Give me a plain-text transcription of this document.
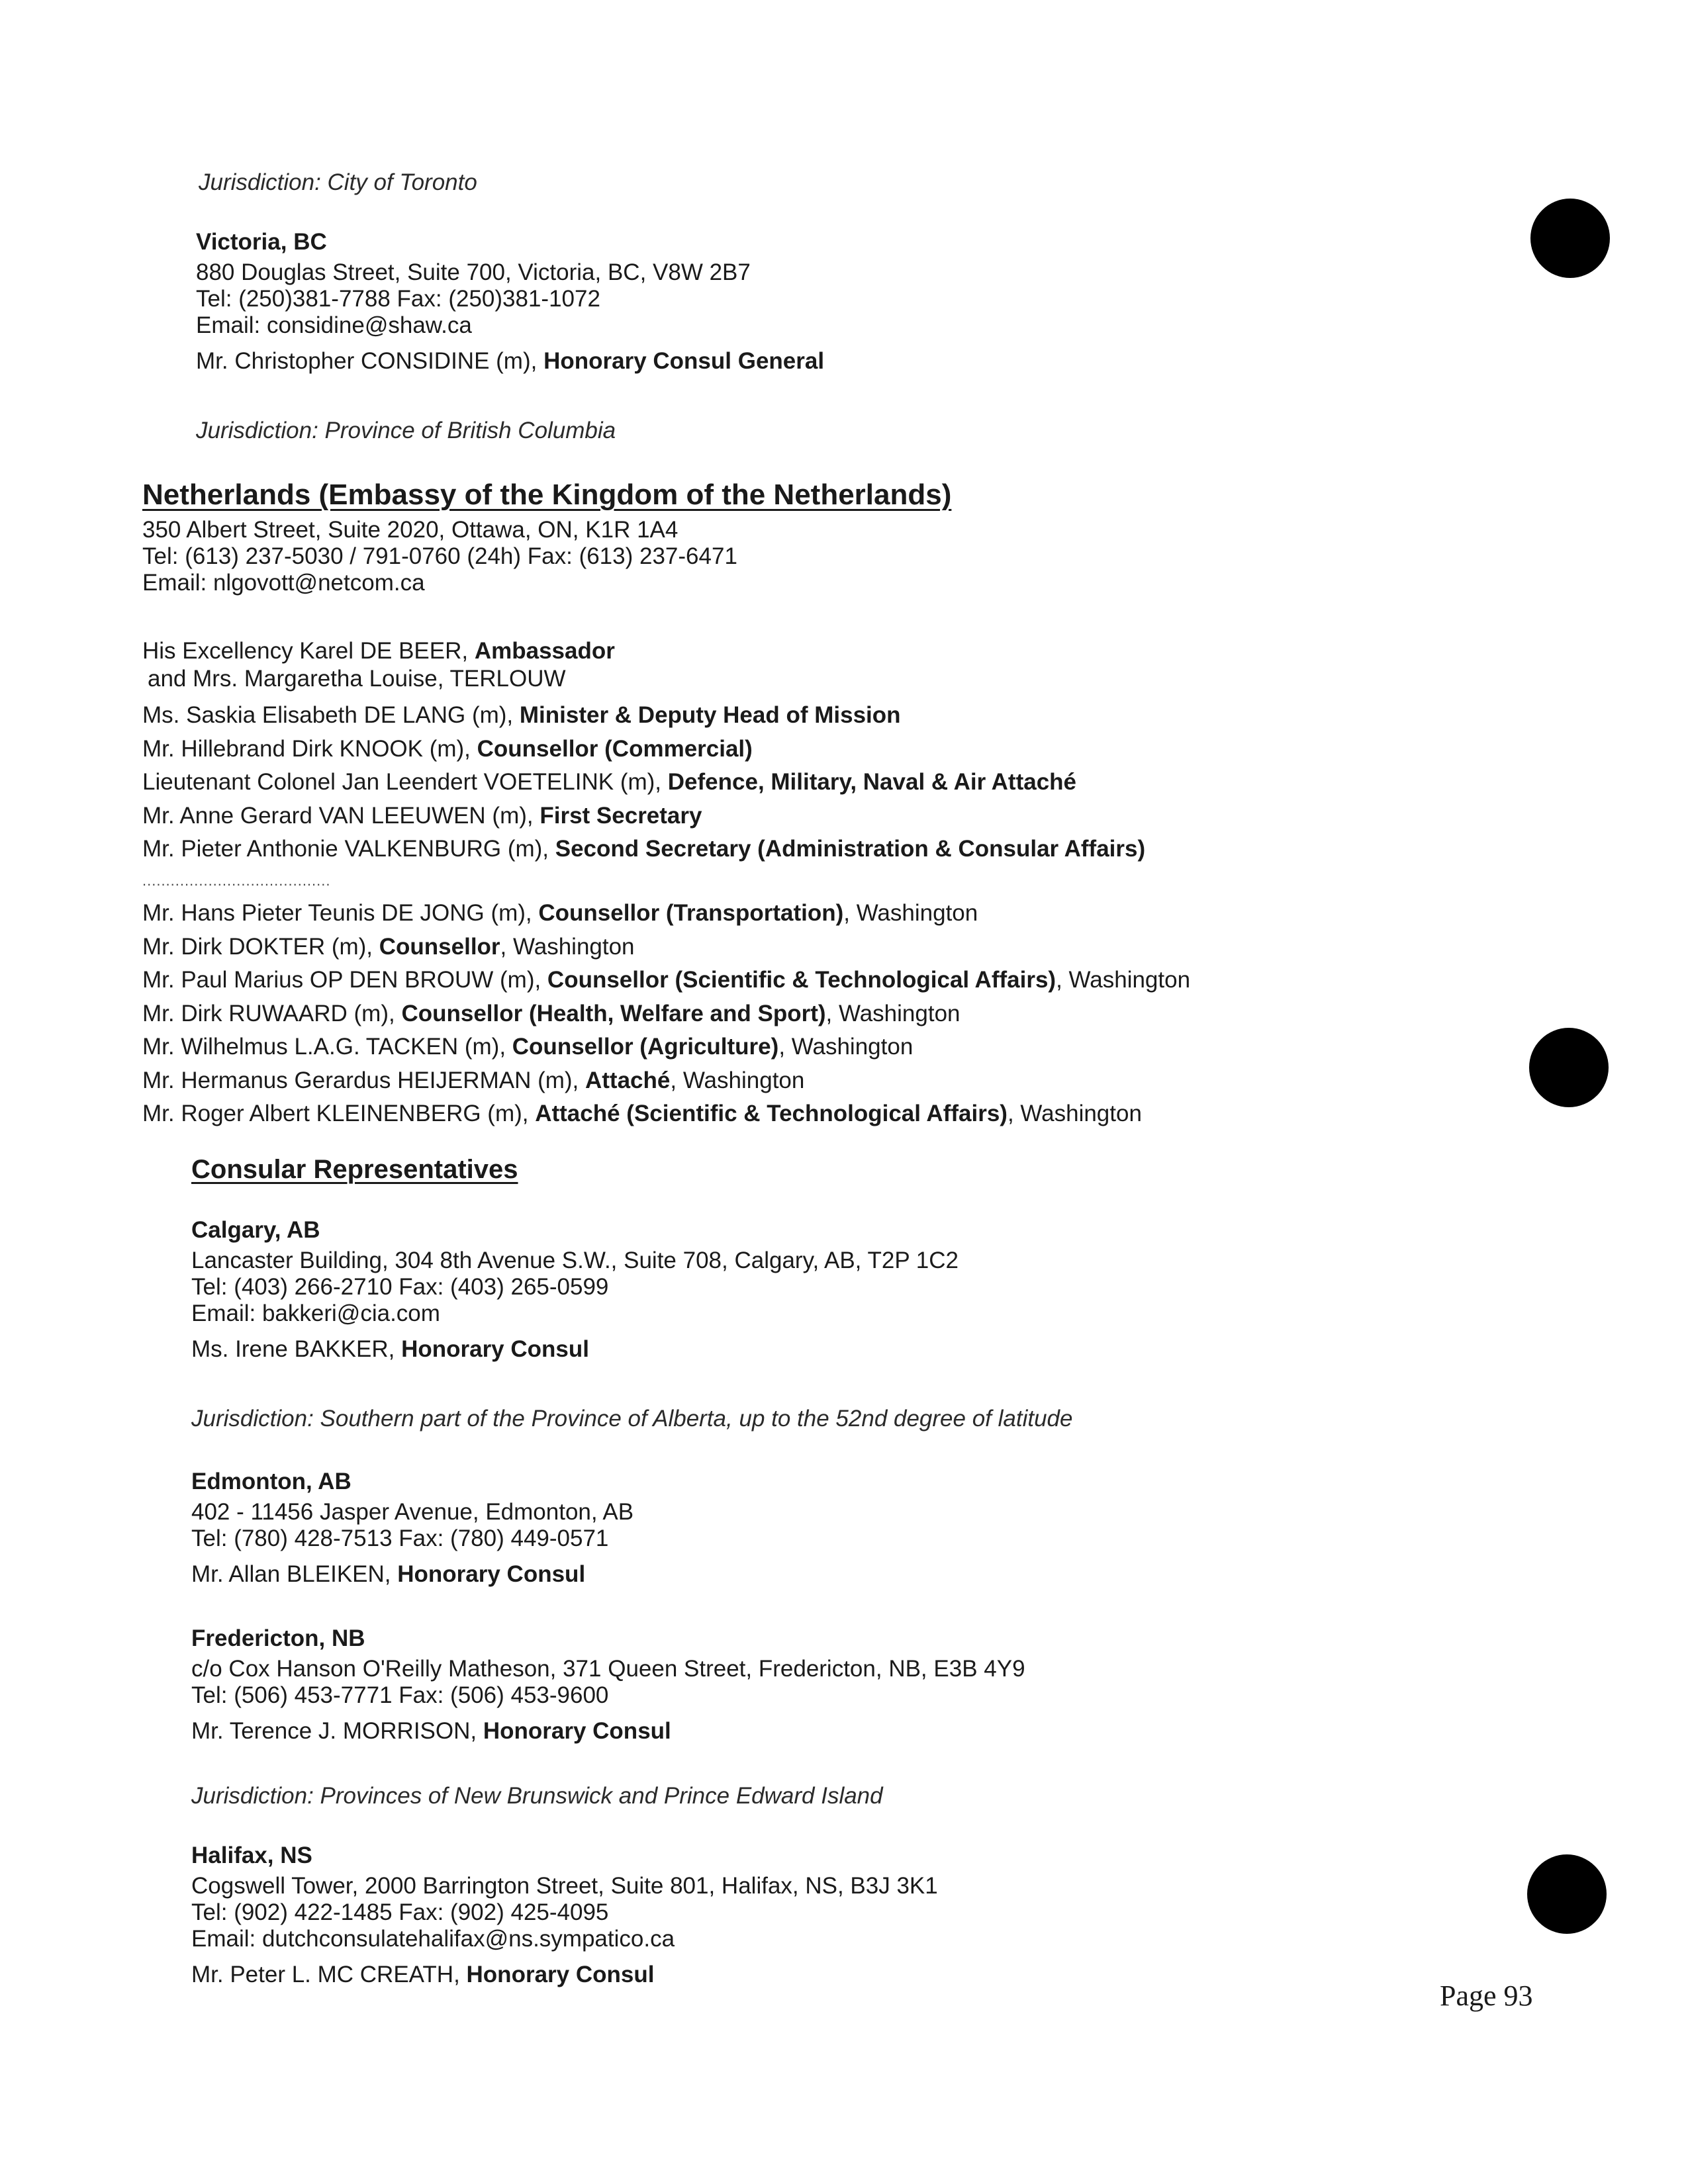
Jurisdiction: City of Toronto
Victoria, BC
880 Douglas Street, Suite 700, Victoria, BC, V8W 2B7
Tel: (250)381-7788 Fax: (250)381-1072
Email: considine@shaw.ca
Mr. Christopher CONSIDINE (m), Honorary Consul General
Jurisdiction: Province of British Columbia
Netherlands (Embassy of the Kingdom of the Netherlands)
350 Albert Street, Suite 2020, Ottawa, ON, K1R 1A4
Tel: (613) 237-5030 / 791-0760 (24h) Fax: (613) 237-6471
Email: nlgovott@netcom.ca
His Excellency Karel DE BEER, Ambassador
and Mrs. Margaretha Louise, TERLOUW
Ms. Saskia Elisabeth DE LANG (m), Minister & Deputy Head of Mission
Mr. Hillebrand Dirk KNOOK (m), Counsellor (Commercial)
Lieutenant Colonel Jan Leendert VOETELINK (m), Defence, Military, Naval & Air Attaché
Mr. Anne Gerard VAN LEEUWEN (m), First Secretary
Mr. Pieter Anthonie VALKENBURG (m), Second Secretary (Administration & Consular Affairs)
........................................
Mr. Hans Pieter Teunis DE JONG (m), Counsellor (Transportation), Washington
Mr. Dirk DOKTER (m), Counsellor, Washington
Mr. Paul Marius OP DEN BROUW (m), Counsellor (Scientific & Technological Affairs), Washington
Mr. Dirk RUWAARD (m), Counsellor (Health, Welfare and Sport), Washington
Mr. Wilhelmus L.A.G. TACKEN (m), Counsellor (Agriculture), Washington
Mr. Hermanus Gerardus HEIJERMAN (m), Attaché, Washington
Mr. Roger Albert KLEINENBERG (m), Attaché (Scientific & Technological Affairs), Washington
Consular Representatives
Calgary, AB
Lancaster Building, 304 8th Avenue S.W., Suite 708, Calgary, AB, T2P 1C2
Tel: (403) 266-2710 Fax: (403) 265-0599
Email: bakkeri@cia.com
Ms. Irene BAKKER, Honorary Consul
Jurisdiction: Southern part of the Province of Alberta, up to the 52nd degree of latitude
Edmonton, AB
402 - 11456 Jasper Avenue, Edmonton, AB
Tel: (780) 428-7513 Fax: (780) 449-0571
Mr. Allan BLEIKEN, Honorary Consul
Fredericton, NB
c/o Cox Hanson O'Reilly Matheson, 371 Queen Street, Fredericton, NB, E3B 4Y9
Tel: (506) 453-7771 Fax: (506) 453-9600
Mr. Terence J. MORRISON, Honorary Consul
Jurisdiction: Provinces of New Brunswick and Prince Edward Island
Halifax, NS
Cogswell Tower, 2000 Barrington Street, Suite 801, Halifax, NS, B3J 3K1
Tel: (902) 422-1485 Fax: (902) 425-4095
Email: dutchconsulatehalifax@ns.sympatico.ca
Mr. Peter L. MC CREATH, Honorary Consul
Page 93
